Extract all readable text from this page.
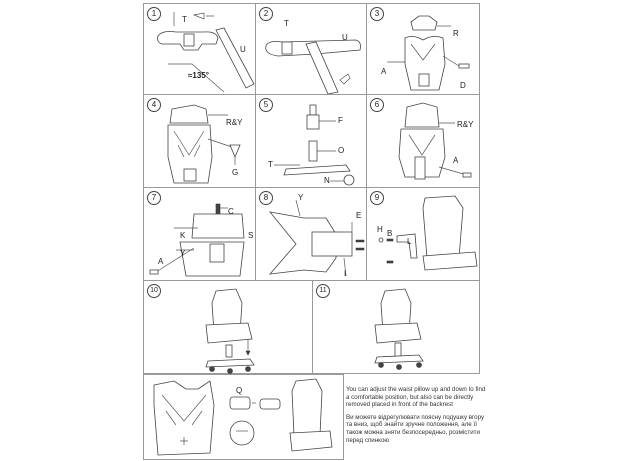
1
T
U
≈135°
2
T
U
3
R
A
D
4
R&Y
G
5
F
O
T
N
6
R&Y
A
7
C
K	S
Y
A
8	Y
E
I
9
H B
L
10	11
Q	You can adjust the waist pillow up and down to find a comfortable position, but also can be directly removed placed in front of the backrest
Ви можете відрегулювати поясну подушку вгору та вниз, щоб знайти зручне положення, але її також можна зняти безпосередньо, розмістити перед спинкою
